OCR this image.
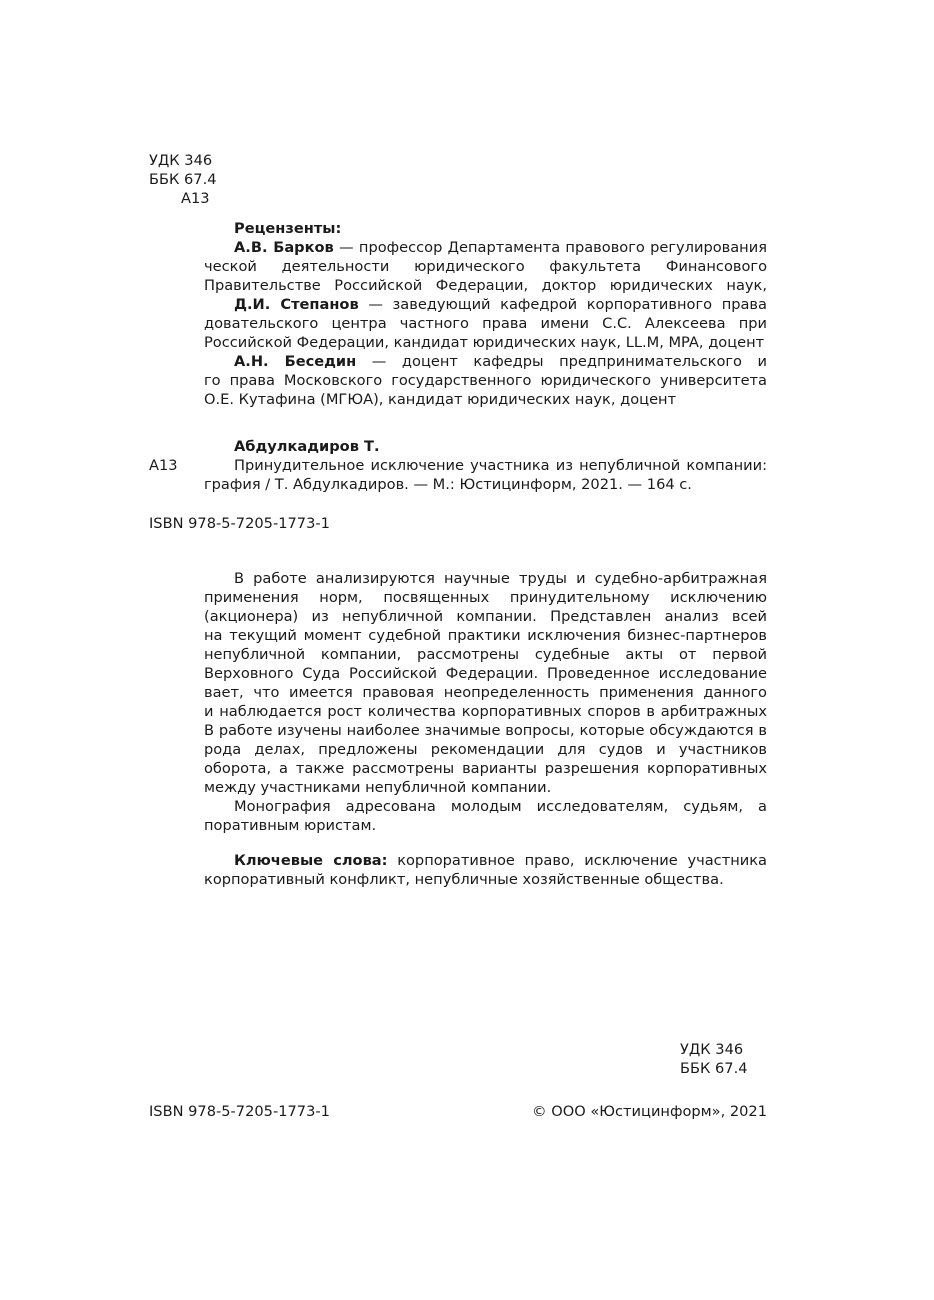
УДК 346
ББК 67.4
А13
Рецензенты:
А.В. Барков — профессор Департамента правового регулирования
ческой деятельности юридического факультета Финансового
Правительстве Российской Федерации, доктор юридических наук,
Д.И. Степанов — заведующий кафедрой корпоративного права
довательского центра частного права имени С.С. Алексеева при
Российской Федерации, кандидат юридических наук, LL.M, MPA, доцент
А.Н. Беседин — доцент кафедры предпринимательского и
го права Московского государственного юридического университета
О.Е. Кутафина (МГЮА), кандидат юридических наук, доцент
Абдулкадиров Т.
Принудительное исключение участника из непубличной компании:
графия / Т. Абдулкадиров. — М.: Юстицинформ, 2021. — 164 с.
А13
ISBN 978-5-7205-1773-1
В работе анализируются научные труды и судебно-арбитражная
применения норм, посвященных принудительному исключению
(акционера) из непубличной компании. Представлен анализ всей
на текущий момент судебной практики исключения бизнес-партнеров
непубличной компании, рассмотрены судебные акты от первой
Верховного Суда Российской Федерации. Проведенное исследование
вает, что имеется правовая неопределенность применения данного
и наблюдается рост количества корпоративных споров в арбитражных
В работе изучены наиболее значимые вопросы, которые обсуждаются в
рода делах, предложены рекомендации для судов и участников
оборота, а также рассмотрены варианты разрешения корпоративных
между участниками непубличной компании.
Монография адресована молодым исследователям, судьям, а
поративным юристам.
Ключевые слова: корпоративное право, исключение участника
корпоративный конфликт, непубличные хозяйственные общества.
УДК 346
ББК 67.4
ISBN 978-5-7205-1773-1	© ООО «Юстицинформ», 2021
